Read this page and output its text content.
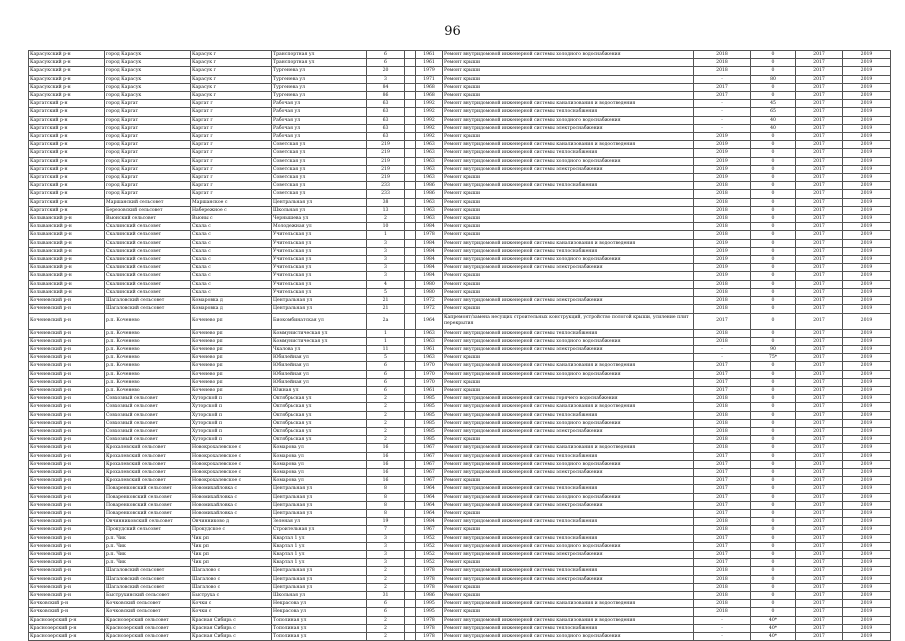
96
Карасукский р-н	город Карасук	Карасук г	Транспортная ул	6		1961	Ремонт внутридомовой инженерной системы холодного водоснабжения	2018	0	2017	2019
Карасукский р-н	город Карасук	Карасук г	Транспортная ул	6		1961	Ремонт крыши	2018	0	2017	2019
Карасукский р-н	город Карасук	Карасук г	Тургенева ул	20		1979	Ремонт крыши	2018	0	2017	2019
Карасукский р-н	город Карасук	Карасук г	Тургенева ул	3		1971	Ремонт крыши	-	80	2017	2019
Карасукский р-н	город Карасук	Карасук г	Тургенева ул	84		1968	Ремонт крыши	2017	0	2017	2019
Карасукский р-н	город Карасук	Карасук г	Тургенева ул	86		1968	Ремонт крыши	2017	0	2017	2019
Каргатский р-н	город Каргат	Каргат г	Рабочая ул	63		1992	Ремонт внутридомовой инженерной системы канализования и водоотведения	-	45	2017	2019
Каргатский р-н	город Каргат	Каргат г	Рабочая ул	63		1992	Ремонт внутридомовой инженерной системы теплоснабжения	-	65	2017	2019
Каргатский р-н	город Каргат	Каргат г	Рабочая ул	63		1992	Ремонт внутридомовой инженерной системы холодного водоснабжения	-	40	2017	2019
Каргатский р-н	город Каргат	Каргат г	Рабочая ул	63		1992	Ремонт внутридомовой инженерной системы электроснабжения	-	40	2017	2019
Каргатский р-н	город Каргат	Каргат г	Рабочая ул	63		1992	Ремонт крыши	2019	0	2017	2019
Каргатский р-н	город Каргат	Каргат г	Советская ул	219		1963	Ремонт внутридомовой инженерной системы канализования и водоотведения	2019	0	2017	2019
Каргатский р-н	город Каргат	Каргат г	Советская ул	219		1963	Ремонт внутридомовой инженерной системы теплоснабжения	2019	0	2017	2019
Каргатский р-н	город Каргат	Каргат г	Советская ул	219		1963	Ремонт внутридомовой инженерной системы холодного водоснабжения	2019	0	2017	2019
Каргатский р-н	город Каргат	Каргат г	Советская ул	219		1963	Ремонт внутридомовой инженерной системы электроснабжения	2019	0	2017	2019
Каргатский р-н	город Каргат	Каргат г	Советская ул	219		1963	Ремонт крыши	2019	0	2017	2019
Каргатский р-н	город Каргат	Каргат г	Советская ул	233		1986	Ремонт внутридомовой инженерной системы теплоснабжения	2018	0	2017	2019
Каргатский р-н	город Каргат	Каргат г	Советская ул	233		1986	Ремонт крыши	2018	0	2017	2019
Каргатский р-н	Маршанский сельсовет	Маршанское с	Центральная ул	38		1963	Ремонт крыши	2018	0	2017	2019
Каргатский р-н	Березовский сельсовет	Набережное с	Школьная ул	13		1963	Ремонт крыши	2018	0	2017	2019
Колыванский р-н	Вьюнский сельсовет	Вьюны с	Чернышева ул	2		1963	Ремонт крыши	2018	0	2017	2019
Колыванский р-н	Скалинский сельсовет	Скала с	Молодежная ул	10		1984	Ремонт крыши	2018	0	2017	2019
Колыванский р-н	Скалинский сельсовет	Скала с	Учительская ул	1		1978	Ремонт крыши	2018	0	2017	2019
Колыванский р-н	Скалинский сельсовет	Скала с	Учительская ул	3		1984	Ремонт внутридомовой инженерной системы канализования и водоотведения	2019	0	2017	2019
Колыванский р-н	Скалинский сельсовет	Скала с	Учительская ул	3		1984	Ремонт внутридомовой инженерной системы теплоснабжения	2019	0	2017	2019
Колыванский р-н	Скалинский сельсовет	Скала с	Учительская ул	3		1984	Ремонт внутридомовой инженерной системы холодного водоснабжения	2019	0	2017	2019
Колыванский р-н	Скалинский сельсовет	Скала с	Учительская ул	3		1984	Ремонт внутридомовой инженерной системы электроснабжения	2019	0	2017	2019
Колыванский р-н	Скалинский сельсовет	Скала с	Учительская ул	3		1984	Ремонт крыши	2019	0	2017	2019
Колыванский р-н	Скалинский сельсовет	Скала с	Учительская ул	4		1980	Ремонт крыши	2018	0	2017	2019
Колыванский р-н	Скалинский сельсовет	Скала с	Учительская ул	5		1980	Ремонт крыши	2018	0	2017	2019
Коченевский р-н	Шагаловский сельсовет	Комаровка д	Центральная ул	21		1972	Ремонт внутридомовой инженерной системы электроснабжения	2018	0	2017	2019
Коченевский р-н	Шагаловский сельсовет	Комаровка д	Центральная ул	21		1972	Ремонт крыши	2018	0	2017	2019
Коченевский р-н	р.п. Коченево	Коченево рп	Биокомбинатская ул	2а		1964	Капремонт/замена несущих строительных конструкций, устройство пологой крыши, усиление плит перекрытия	2017	0	2017	2019
Коченевский р-н	р.п. Коченево	Коченево рп	Коммунистическая ул	1		1963	Ремонт внутридомовой инженерной системы теплоснабжения	2018	0	2017	2019
Коченевский р-н	р.п. Коченево	Коченево рп	Коммунистическая ул	1		1963	Ремонт внутридомовой инженерной системы холодного водоснабжения	2018	0	2017	2019
Коченевский р-н	р.п. Коченево	Коченево рп	Чкалова ул	11		1961	Ремонт внутридомовой инженерной системы электроснабжения	-	90	2017	2019
Коченевский р-н	р.п. Коченево	Коченево рп	Юбилейная ул	5		1963	Ремонт крыши	-	75*	2017	2019
Коченевский р-н	р.п. Коченево	Коченево рп	Юбилейная ул	6		1970	Ремонт внутридомовой инженерной системы канализования и водоотведения	2017	0	2017	2019
Коченевский р-н	р.п. Коченево	Коченево рп	Юбилейная ул	6		1970	Ремонт внутридомовой инженерной системы холодного водоснабжения	2017	0	2017	2019
Коченевский р-н	р.п. Коченево	Коченево рп	Юбилейная ул	6		1970	Ремонт крыши	2017	0	2017	2019
Коченевский р-н	р.п. Коченево	Коченево рп	Южная ул	6		1961	Ремонт крыши	2017	0	2017	2019
Коченевский р-н	Совхозный сельсовет	Хуторской п	Октябрьская ул	2		1985	Ремонт внутридомовой инженерной системы горячего водоснабжения	2018	0	2017	2019
Коченевский р-н	Совхозный сельсовет	Хуторской п	Октябрьская ул	2		1985	Ремонт внутридомовой инженерной системы канализования и водоотведения	2018	0	2017	2019
Коченевский р-н	Совхозный сельсовет	Хуторской п	Октябрьская ул	2		1985	Ремонт внутридомовой инженерной системы теплоснабжения	2018	0	2017	2019
Коченевский р-н	Совхозный сельсовет	Хуторской п	Октябрьская ул	2		1985	Ремонт внутридомовой инженерной системы холодного водоснабжения	2018	0	2017	2019
Коченевский р-н	Совхозный сельсовет	Хуторской п	Октябрьская ул	2		1985	Ремонт внутридомовой инженерной системы электроснабжения	2018	0	2017	2019
Коченевский р-н	Совхозный сельсовет	Хуторской п	Октябрьская ул	2		1985	Ремонт крыши	2018	0	2017	2019
Коченевский р-н	Крохалевский сельсовет	Новокрохалевское с	Комарова ул	16		1967	Ремонт внутридомовой инженерной системы канализования и водоотведения	2018	0	2017	2019
Коченевский р-н	Крохалевский сельсовет	Новокрохалевское с	Комарова ул	16		1967	Ремонт внутридомовой инженерной системы теплоснабжения	2017	0	2017	2019
Коченевский р-н	Крохалевский сельсовет	Новокрохалевское с	Комарова ул	16		1967	Ремонт внутридомовой инженерной системы холодного водоснабжения	2017	0	2017	2019
Коченевский р-н	Крохалевский сельсовет	Новокрохалевское с	Комарова ул	16		1967	Ремонт внутридомовой инженерной системы электроснабжения	2017	0	2017	2019
Коченевский р-н	Крохалевский сельсовет	Новокрохалевское с	Комарова ул	16		1967	Ремонт крыши	2017	0	2017	2019
Коченевский р-н	Поваренковский сельсовет	Новомихайловка с	Центральная ул	8		1964	Ремонт внутридомовой инженерной системы теплоснабжения	2017	0	2017	2019
Коченевский р-н	Поваренковский сельсовет	Новомихайловка с	Центральная ул	8		1964	Ремонт внутридомовой инженерной системы холодного водоснабжения	2017	0	2017	2019
Коченевский р-н	Поваренковский сельсовет	Новомихайловка с	Центральная ул	8		1964	Ремонт внутридомовой инженерной системы электроснабжения	2017	0	2017	2019
Коченевский р-н	Поваренковский сельсовет	Новомихайловка с	Центральная ул	8		1964	Ремонт крыши	2017	0	2017	2019
Коченевский р-н	Овчинниковский сельсовет	Овчинниково д	Зеленая ул	19		1984	Ремонт внутридомовой инженерной системы теплоснабжения	2018	0	2017	2019
Коченевский р-н	Прокудский сельсовет	Прокудское с	Строительная ул	7		1967	Ремонт крыши	2018	0	2017	2019
Коченевский р-н	р.п. Чик	Чик рп	Квартал 1 ул	3		1952	Ремонт внутридомовой инженерной системы теплоснабжения	2017	0	2017	2019
Коченевский р-н	р.п. Чик	Чик рп	Квартал 1 ул	3		1952	Ремонт внутридомовой инженерной системы холодного водоснабжения	2017	0	2017	2019
Коченевский р-н	р.п. Чик	Чик рп	Квартал 1 ул	3		1952	Ремонт внутридомовой инженерной системы электроснабжения	2017	0	2017	2019
Коченевский р-н	р.п. Чик	Чик рп	Квартал 1 ул	3		1952	Ремонт крыши	2017	0	2017	2019
Коченевский р-н	Шагаловский сельсовет	Шагалово с	Центральная ул	2		1978	Ремонт внутридомовой инженерной системы теплоснабжения	2018	0	2017	2019
Коченевский р-н	Шагаловский сельсовет	Шагалово с	Центральная ул	2		1978	Ремонт внутридомовой инженерной системы электроснабжения	2018	0	2017	2019
Коченевский р-н	Шагаловский сельсовет	Шагалово с	Центральная ул	2		1978	Ремонт крыши	2018	0	2017	2019
Коченевский р-н	Быструхинский сельсовет	Быструха с	Школьная ул	31		1986	Ремонт крыши	2018	0	2017	2019
Кочковский р-н	Кочковский сельсовет	Кочки с	Некрасова ул	6		1995	Ремонт внутридомовой инженерной системы канализования и водоотведения	2018	0	2017	2019
Кочковский р-н	Кочковский сельсовет	Кочки с	Некрасова ул	6		1995	Ремонт крыши	2018	0	2017	2019
Краснозерский р-н	Краснозерский сельсовет	Красная Сибирь с	Тополиная ул	2		1978	Ремонт внутридомовой инженерной системы канализования и водоотведения	-	40*	2017	2019
Краснозерский р-н	Краснозерский сельсовет	Красная Сибирь с	Тополиная ул	2		1978	Ремонт внутридомовой инженерной системы теплоснабжения	-	40*	2017	2019
Краснозерский р-н	Краснозерский сельсовет	Красная Сибирь с	Тополиная ул	2		1978	Ремонт внутридомовой инженерной системы холодного водоснабжения	-	40*	2017	2019
